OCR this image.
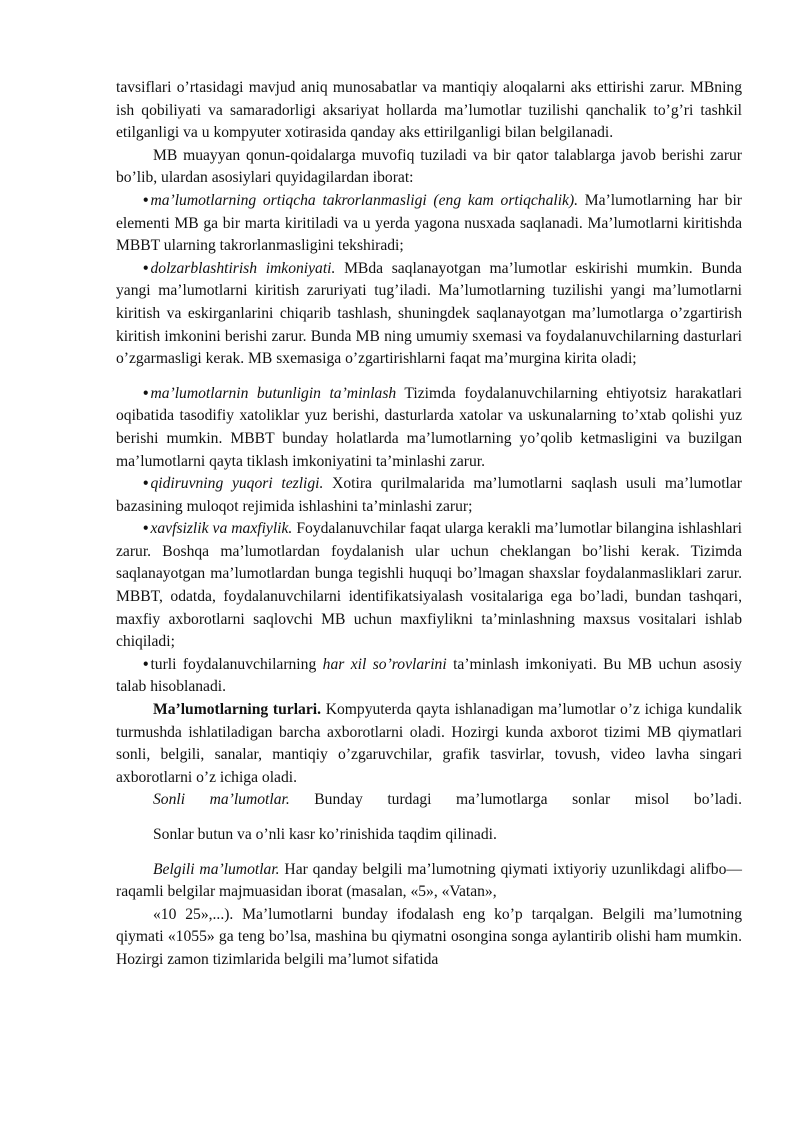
tavsiflari o’rtasidagi mavjud aniq munosabatlar va mantiqiy aloqalarni aks ettirishi zarur. MBning ish qobiliyati va samaradorligi aksariyat hollarda ma’lumotlar tuzilishi qanchalik to’g’ri tashkil etilganligi va u kompyuter xotirasida qanday aks ettirilganligi bilan belgilanadi.

MB muayyan qonun-qoidalarga muvofiq tuziladi va bir qator talablarga javob berishi zarur bo’lib, ulardan asosiylari quyidagilardan iborat:

• ma’lumotlarning ortiqcha takrorlanmasligi (eng kam ortiqchalik). Ma’lumotlarning har bir elementi MB ga bir marta kiritiladi va u yerda yagona nusxada saqlanadi. Ma’lumotlarni kiritishda MBBT ularning takrorlanmasligini tekshiradi;

• dolzarblashtirish imkoniyati. MBda saqlanayotgan ma’lumotlar eskirishi mumkin. Bunda yangi ma’lumotlarni kiritish zaruriyati tug’iladi. Ma’lumotlarning tuzilishi yangi ma’lumotlarni kiritish va eskirganlarini chiqarib tashlash, shuningdek saqlanayotgan ma’lumotlarga o’zgartirish kiritish imkonini berishi zarur. Bunda MB ning umumiy sxemasi va foydalanuvchilarning dasturlari o’zgarmasligi kerak. MB sxemasiga o’zgartirishlarni faqat ma’murgina kirita oladi;

• ma’lumotlarnin butunligin ta’minlash Tizimda foydalanuvchilarning ehtiyotsiz harakatlari oqibatida tasodifiy xatoliklar yuz berishi, dasturlarda xatolar va uskunalarning to’xtab qolishi yuz berishi mumkin. MBBT bunday holatlarda ma’lumotlarning yo’qolib ketmasligini va buzilgan ma’lumotlarni qayta tiklash imkoniyatini ta’minlashi zarur.

• qidiruvning yuqori tezligi. Xotira qurilmalarida ma’lumotlarni saqlash usuli ma’lumotlar bazasining muloqot rejimida ishlashini ta’minlashi zarur;

• xavfsizlik va maxfiylik. Foydalanuvchilar faqat ularga kerakli ma’lumotlar bilangina ishlashlari zarur. Boshqa ma’lumotlardan foydalanish ular uchun cheklangan bo’lishi kerak. Tizimda saqlanayotgan ma’lumotlardan bunga tegishli huquqi bo’lmagan shaxslar foydalanmasliklari zarur. MBBT, odatda, foydalanuvchilarni identifikatsiyalash vositalariga ega bo’ladi, bundan tashqari, maxfiy axborotlarni saqlovchi MB uchun maxfiylikni ta’minlashning maxsus vositalari ishlab chiqiladi;

• turli foydalanuvchilarning har xil so’rovlarini ta’minlash imkoniyati. Bu MB uchun asosiy talab hisoblanadi.

Ma’lumotlarning turlari. Kompyuterda qayta ishlanadigan ma’lumotlar o’z ichiga kundalik turmushda ishlatiladigan barcha axborotlarni oladi. Hozirgi kunda axborot tizimi MB qiymatlari sonli, belgili, sanalar, mantiqiy o’zgaruvchilar, grafik tasvirlar, tovush, video lavha singari axborotlarni o’z ichiga oladi.

Sonli ma’lumotlar. Bunday turdagi ma’lumotlarga sonlar misol bo’ladi.

Sonlar butun va o’nli kasr ko’rinishida taqdim qilinadi.

Belgili ma’lumotlar. Har qanday belgili ma’lumotning qiymati ixtiyoriy uzunlikdagi alifbo—raqamli belgilar majmuasidan iborat (masalan, «5», «Vatan»,

«10 25»,...). Ma’lumotlarni bunday ifodalash eng ko’p tarqalgan. Belgili ma’lumotning qiymati «1055» ga teng bo’lsa, mashina bu qiymatni osongina songa aylantirib olishi ham mumkin. Hozirgi zamon tizimlarida belgili ma’lumot sifatida
